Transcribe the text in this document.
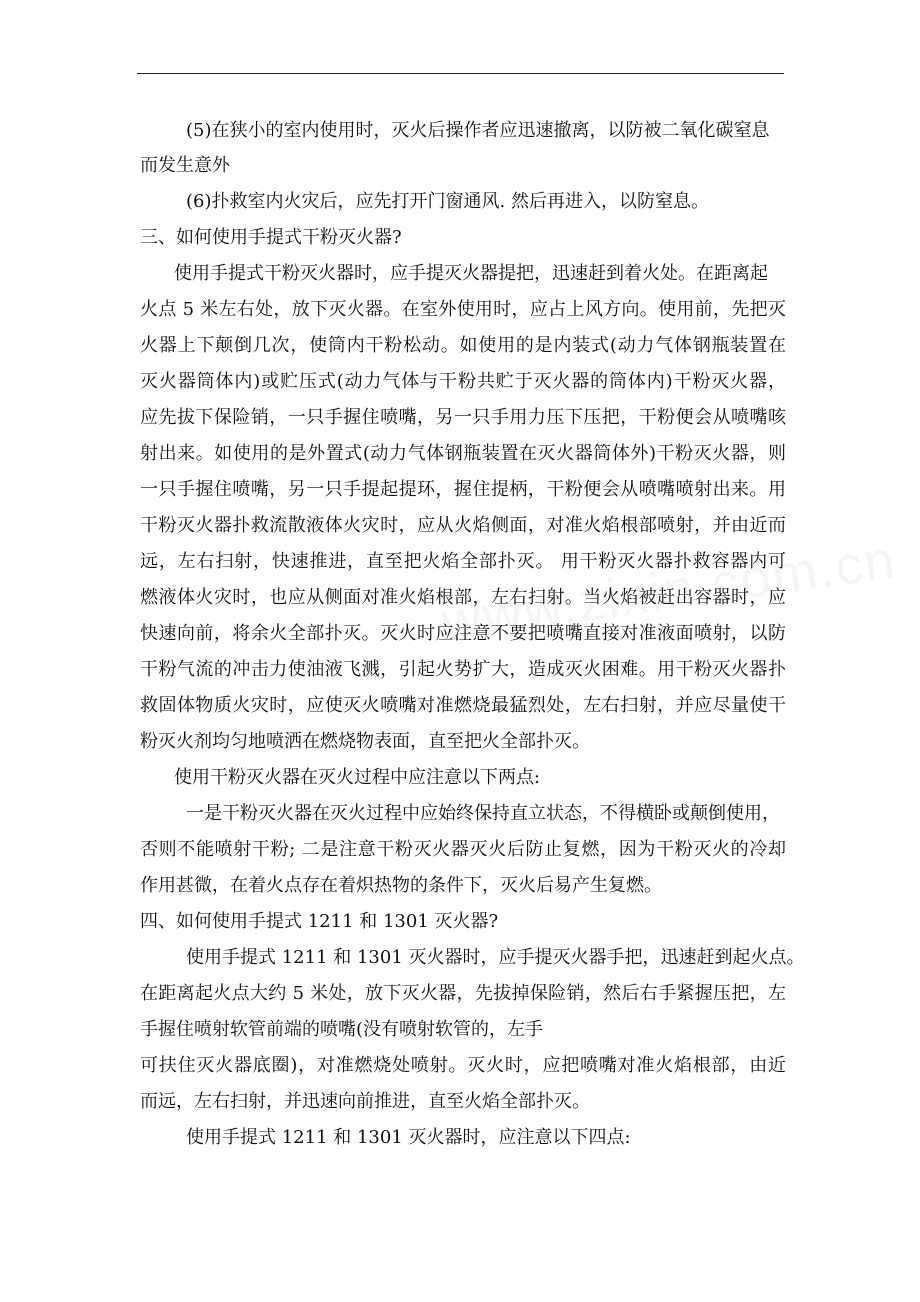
(5)在狭小的室内使用时，灭火后操作者应迅速撤离，以防被二氧化碳窒息
而发生意外
(6)扑救室内火灾后，应先打开门窗通风. 然后再进入，以防窒息。
三、如何使用手提式干粉灭火器?
使用手提式干粉灭火器时，应手提灭火器提把，迅速赶到着火处。在距离起
火点 5 米左右处，放下灭火器。在室外使用时，应占上风方向。使用前，先把灭
火器上下颠倒几次，使筒内干粉松动。如使用的是内装式(动力气体钢瓶装置在
灭火器筒体内)或贮压式(动力气体与干粉共贮于灭火器的筒体内)干粉灭火器，
应先拔下保险销，一只手握住喷嘴，另一只手用力压下压把，干粉便会从喷嘴咳
射出来。如使用的是外置式(动力气体钢瓶装置在灭火器筒体外)干粉灭火器，则
一只手握住喷嘴，另一只手提起提环，握住提柄，干粉便会从喷嘴喷射出来。用
干粉灭火器扑救流散液体火灾时，应从火焰侧面，对准火焰根部喷射，并由近而
远，左右扫射，快速推进，直至把火焰全部扑灭。 用干粉灭火器扑救容器内可
燃液体火灾时，也应从侧面对准火焰根部，左右扫射。当火焰被赶出容器时，应
快速向前，将余火全部扑灭。灭火时应注意不要把喷嘴直接对准液面喷射，以防
干粉气流的冲击力使油液飞溅，引起火势扩大，造成灭火困难。用干粉灭火器扑
救固体物质火灾时，应使灭火喷嘴对准燃烧最猛烈处，左右扫射，并应尽量使干
粉灭火剂均匀地喷洒在燃烧物表面，直至把火全部扑灭。
使用干粉灭火器在灭火过程中应注意以下两点:
一是干粉灭火器在灭火过程中应始终保持直立状态，不得横卧或颠倒使用，
否则不能喷射干粉; 二是注意干粉灭火器灭火后防止复燃，因为干粉灭火的冷却
作用甚微，在着火点存在着炽热物的条件下，灭火后易产生复燃。
四、如何使用手提式 1211 和 1301 灭火器?
使用手提式 1211 和 1301 灭火器时，应手提灭火器手把，迅速赶到起火点。
在距离起火点大约 5 米处，放下灭火器，先拔掉保险销，然后右手紧握压把，左
手握住喷射软管前端的喷嘴(没有喷射软管的，左手
可扶住灭火器底圈)，对准燃烧处喷射。灭火时，应把喷嘴对准火焰根部，由近
而远，左右扫射，并迅速向前推进，直至火焰全部扑灭。
使用手提式 1211 和 1301 灭火器时，应注意以下四点:
